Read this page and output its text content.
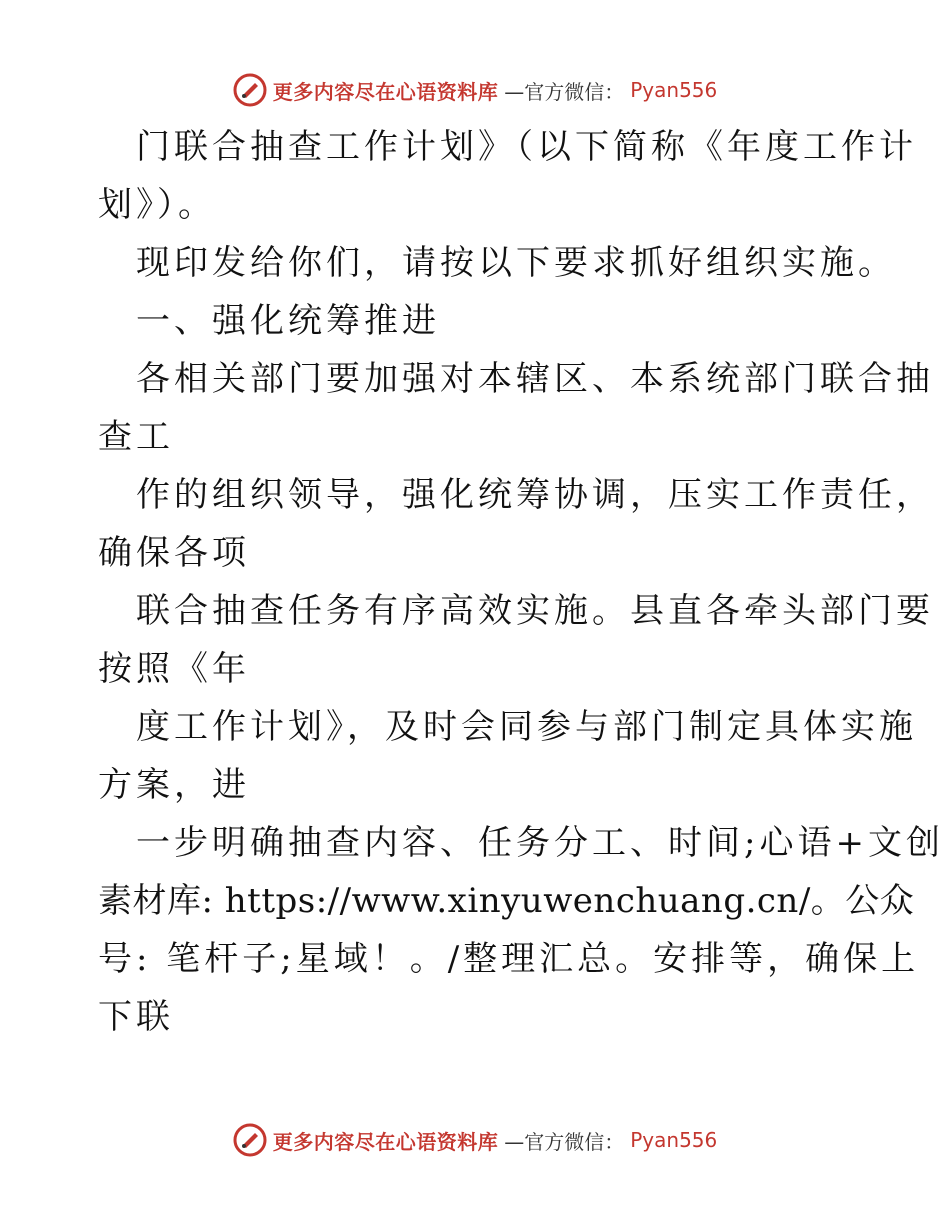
更多内容尽在心语资料库 —官方微信： Pyan556
门联合抽查工作计划》（以下简称《年度工作计
划》）。
现印发给你们，请按以下要求抓好组织实施。
一、强化统筹推进
各相关部门要加强对本辖区、本系统部门联合抽
查工
作的组织领导，强化统筹协调，压实工作责任，
确保各项
联合抽查任务有序高效实施。县直各牵头部门要
按照《年
度工作计划》，及时会同参与部门制定具体实施
方案，进
一步明确抽查内容、任务分工、时间;心语+文创
素材库: https://www.xinyuwenchuang.cn/。公众
号: 笔杆子;星域！。/整理汇总。安排等，确保上
下联
更多内容尽在心语资料库 —官方微信： Pyan556
